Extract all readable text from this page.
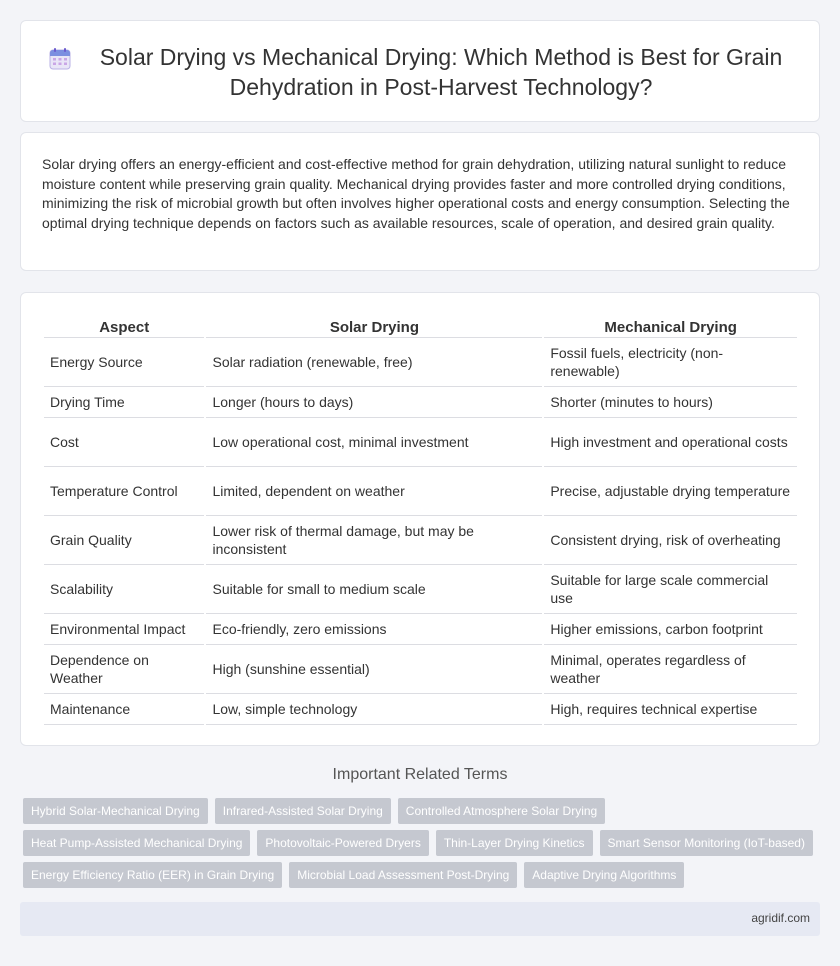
Solar Drying vs Mechanical Drying: Which Method is Best for Grain Dehydration in Post-Harvest Technology?

Solar drying offers an energy-efficient and cost-effective method for grain dehydration, utilizing natural sunlight to reduce moisture content while preserving grain quality. Mechanical drying provides faster and more controlled drying conditions, minimizing the risk of microbial growth but often involves higher operational costs and energy consumption. Selecting the optimal drying technique depends on factors such as available resources, scale of operation, and desired grain quality.

Aspect	Solar Drying	Mechanical Drying
Energy Source	Solar radiation (renewable, free)	Fossil fuels, electricity (non-renewable)
Drying Time	Longer (hours to days)	Shorter (minutes to hours)
Cost	Low operational cost, minimal investment	High investment and operational costs
Temperature Control	Limited, dependent on weather	Precise, adjustable drying temperature
Grain Quality	Lower risk of thermal damage, but may be inconsistent	Consistent drying, risk of overheating
Scalability	Suitable for small to medium scale	Suitable for large scale commercial use
Environmental Impact	Eco-friendly, zero emissions	Higher emissions, carbon footprint
Dependence on Weather	High (sunshine essential)	Minimal, operates regardless of weather
Maintenance	Low, simple technology	High, requires technical expertise
Important Related Terms
Hybrid Solar-Mechanical Drying	Infrared-Assisted Solar Drying	Controlled Atmosphere Solar Drying
Heat Pump-Assisted Mechanical Drying	Photovoltaic-Powered Dryers	Thin-Layer Drying Kinetics	Smart Sensor Monitoring (IoT-based)
Energy Efficiency Ratio (EER) in Grain Drying	Microbial Load Assessment Post-Drying	Adaptive Drying Algorithms
agridif.com
